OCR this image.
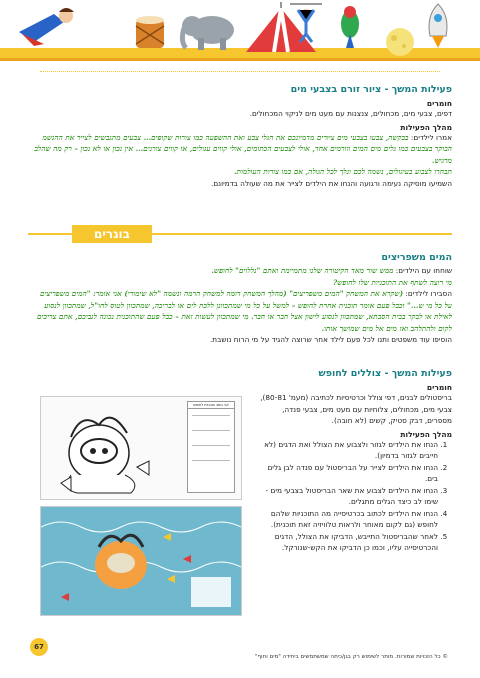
פעילות המשך - ציור זורם בצבעי מים
חומרים

דפים, צבעי מים, מכחולים, צנצנות עם מעט מים לניקוי המכחולים.

מהלך הפעילות

אמרו לילדים: בבקשה, צבעו בצבעי מים ציורים מדמיונכם את הגלי צבע ואת ההשפעה כמו צורות שקופים... צבעים מתגבשים לצייר את ההגשמ הבוקר בצבעים כמו גלים מים המים וזורמים אחד, אולי לצבעים הכתומים, אולי קווים עגולים, או קווים צורנים... אין נכון או לא נכון – רק מה שהלב מרגיש.

תבחרו לצבוע בעיגולים, נשמה לכם ונלך לכל הגולה, אם כמו צורות העולמות.

השמיעו מוסיקה נעימה ורגועה והנחו את הילדים לצייר את מה שעולה בדמיונם.

בוגרים
המים משפריצים

שוחחו עם הילדים: ממש שור מאד הקיטורה שלנו מתמיימת ואתם "נללוים" לחופש.

מי רוצה לשתף את התוכניות שלו לחופש?

הסבירו לילדים: (שקרא את המשחק "המים משפריצים" (מהלך המשחק דומה למשחק הרמה ונשמה "לא שימורי) אני אומר: "המים משפריצים על כל מי ש..." וכבל פעם אומר תוכנית אחרת לחופש – למשל על כל מי שמתכוונן ללכת לים או לבריכה, שמתכוון לטוס לחו"ל, שמתכוון לנסוע לאילת או לבקר בבית הסבתא, שמתכוון לנסוע לישון אצל חבר או חבר. מי שמתכוון לעשות זאת – כבל פעם שהתוכנית נכונה לגביכם, אתם צריכים לקום ולהתלהב ואז מים אל מים שמושך אותו.

הוסיפו עוד משפטים ותנו לכל פעם לילד אחר שרוצה להגיד על מי הרוח נושבת.

פעילות המשך - צוללים לחופש
חומרים

בריסטולים לבנים, דפי צולל וכרטיסיות לכתיבה (מעמ' 80-81), צבעי מים, מכחולים, צלוחיות עם מעט מים, צבעי פנדה, מספרים, דבק סטיק, קשים (לא חובה).

מהלך הפעילות
1. הנחו את הילדים לגזור ולצבוע את הצולל ואת הדגים (לא חייבים לגזור בדמיון).
2. הנחו את הילדים לצייר על הבריסטול עם פנדה לבן גלים בים.
3. הנחו את הילדים לצבוע את שאר הבריסטול בצבעי מים - שימו לב כיצד הגלים מתגלים.
4. הנחו את הילדים לכתוב בכרטיסייה מה התוכניות שלהם לחופש (גם לקום מאוחר ולראות טלוויזיה זאת תוכנית).
5. לאחר שהבריסטול התייבש, הדביקו את הצולל, הדגים והכרטיסייה עליו, וכמו כן הדביקו את הקש-שנורקל.
אני כותב תוכניות לחופש
67
© כל הזכויות שמורות. מותר לשימוש רק בגן/כיתה שמשתמשים ביחידה "מים וחוף"
